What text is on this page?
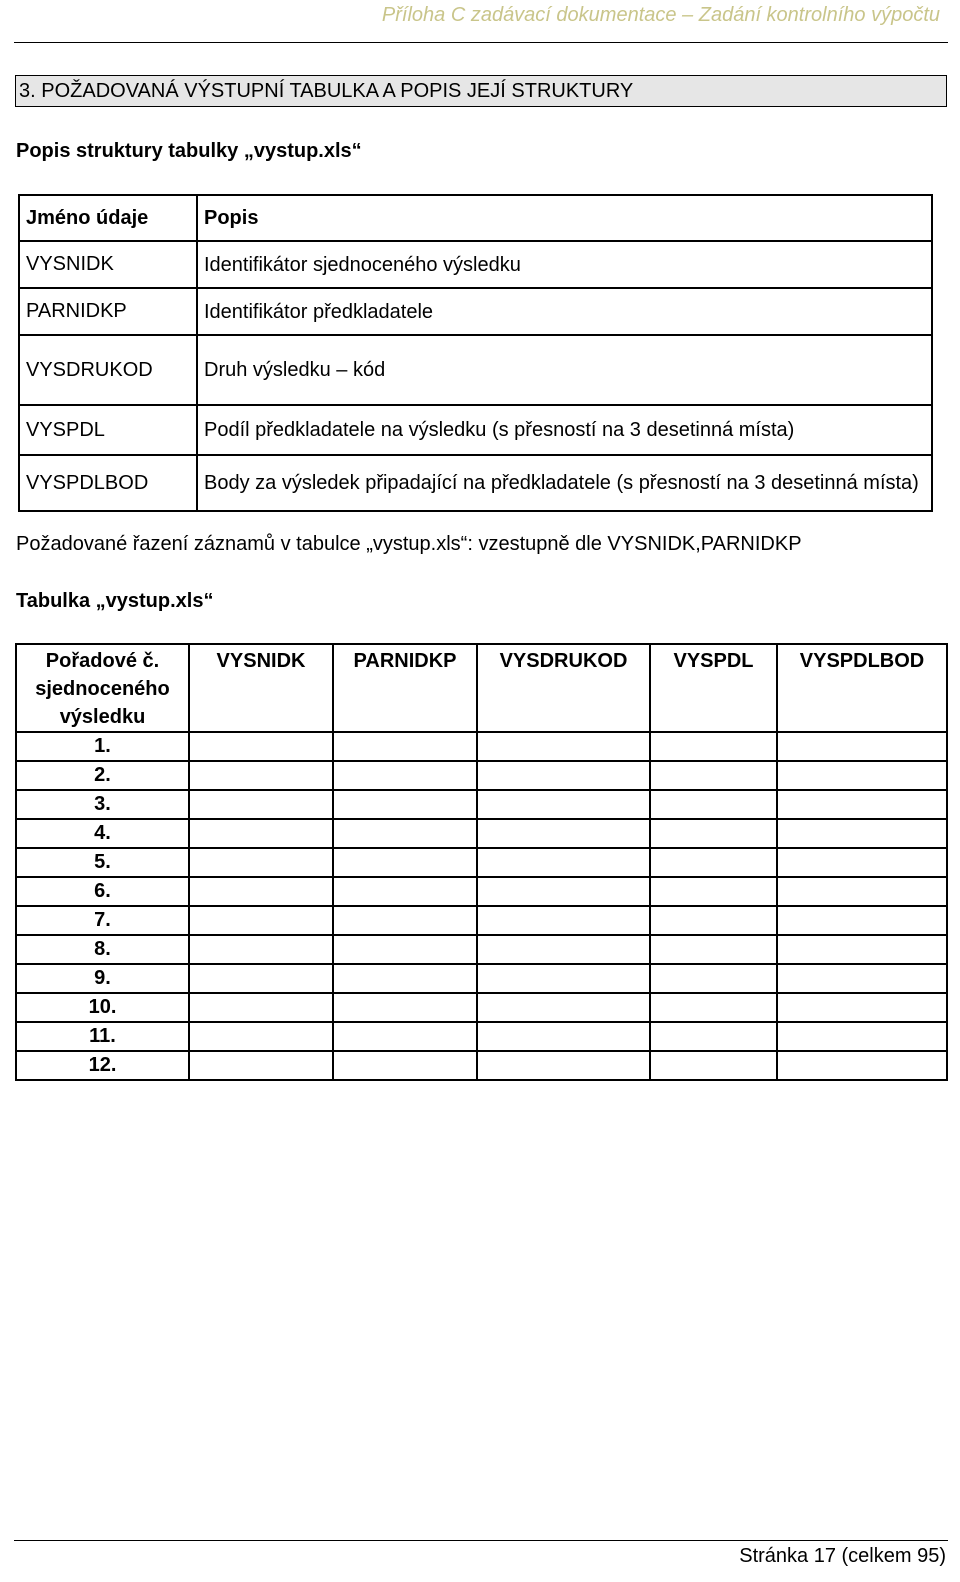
Příloha C zadávací dokumentace – Zadání kontrolního výpočtu
3. POŽADOVANÁ VÝSTUPNÍ TABULKA A POPIS JEJÍ STRUKTURY
Popis struktury tabulky „vystup.xls“
Jméno údaje	Popis
VYSNIDK	Identifikátor sjednoceného výsledku
PARNIDKP	Identifikátor předkladatele
VYSDRUKOD	Druh výsledku – kód
VYSPDL	Podíl předkladatele na výsledku (s přesností na 3 desetinná místa)
VYSPDLBOD	Body za výsledek připadající na předkladatele (s přesností na 3 desetinná místa)
Požadované řazení záznamů v tabulce „vystup.xls“: vzestupně dle VYSNIDK,PARNIDKP
Tabulka „vystup.xls“
Pořadové č. sjednoceného výsledku	VYSNIDK	PARNIDKP	VYSDRUKOD	VYSPDL	VYSPDLBOD
1.					
2.					
3.					
4.					
5.					
6.					
7.					
8.					
9.					
10.					
11.					
12.					
Stránka 17 (celkem 95)
